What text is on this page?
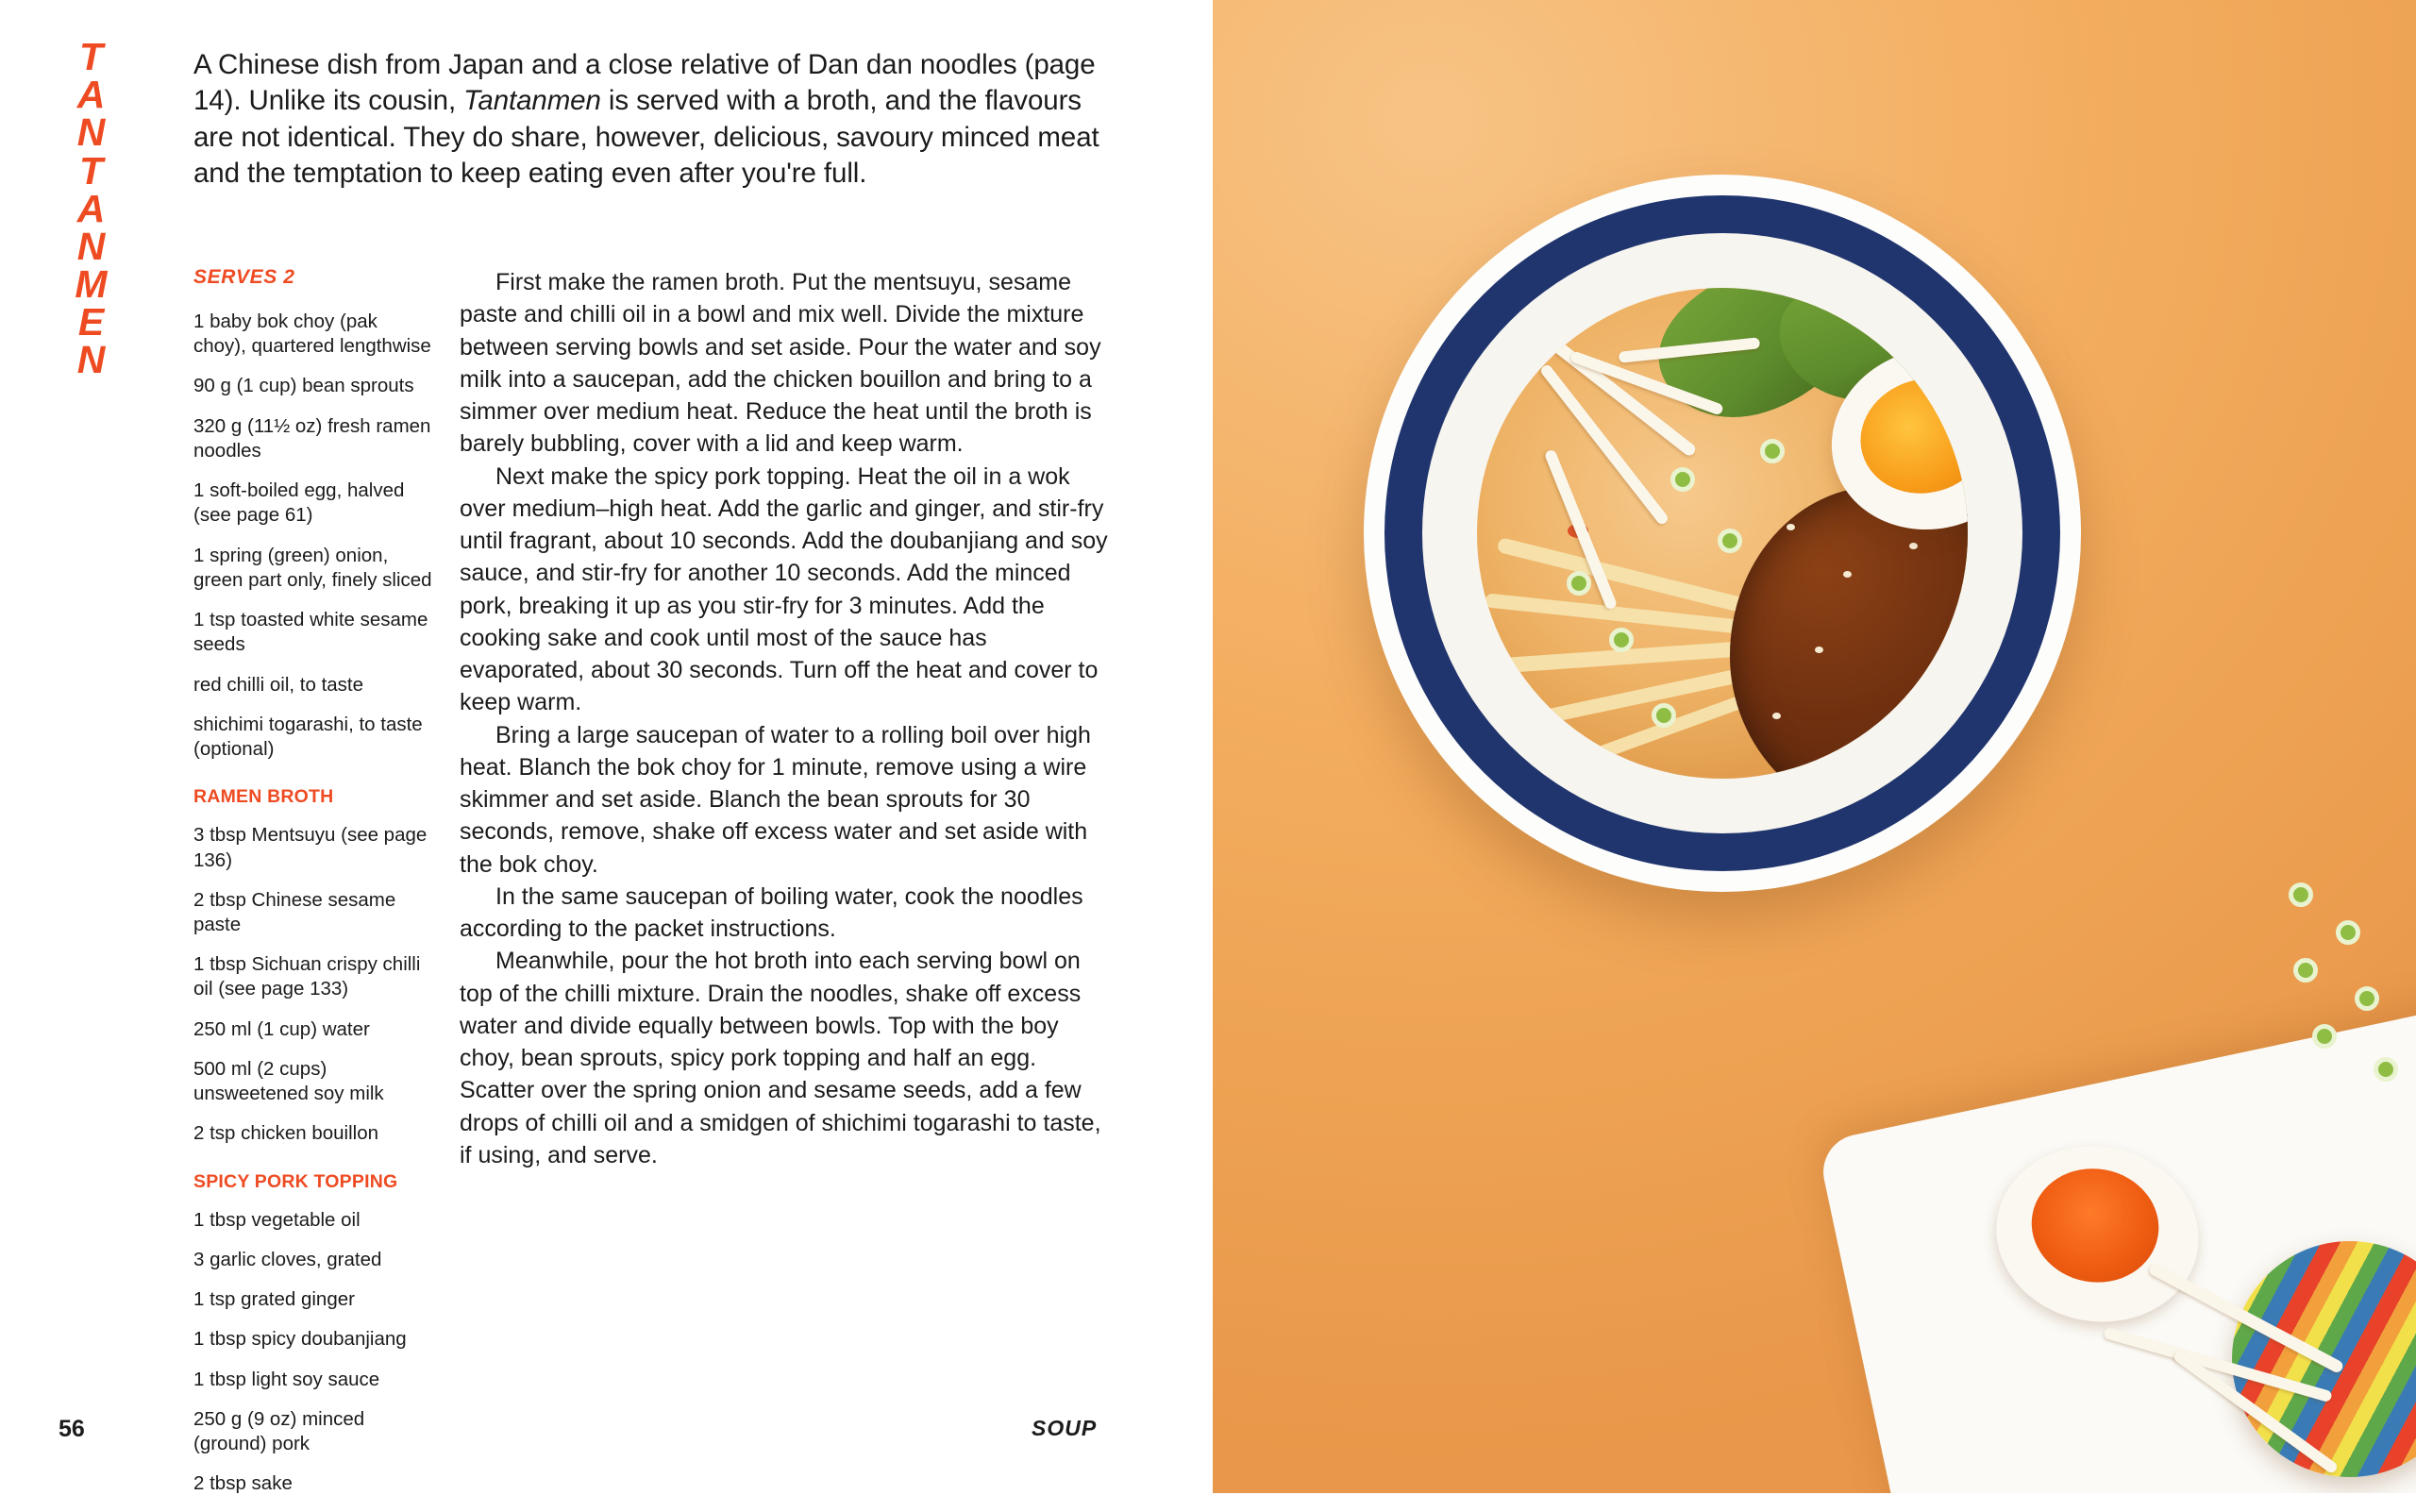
T
A
N
T
A
N
M
E
N
A Chinese dish from Japan and a close relative of Dan dan noodles (page 14). Unlike its cousin, Tantanmen is served with a broth, and the flavours are not identical. They do share, however, delicious, savoury minced meat and the temptation to keep eating even after you're full.
SERVES 2
1 baby bok choy (pak choy), quartered lengthwise
90 g (1 cup) bean sprouts
320 g (11½ oz) fresh ramen noodles
1 soft-boiled egg, halved (see page 61)
1 spring (green) onion, green part only, finely sliced
1 tsp toasted white sesame seeds
red chilli oil, to taste
shichimi togarashi, to taste (optional)
RAMEN BROTH
3 tbsp Mentsuyu (see page 136)
2 tbsp Chinese sesame paste
1 tbsp Sichuan crispy chilli oil (see page 133)
250 ml (1 cup) water
500 ml (2 cups) unsweetened soy milk
2 tsp chicken bouillon
SPICY PORK TOPPING
1 tbsp vegetable oil
3 garlic cloves, grated
1 tsp grated ginger
1 tbsp spicy doubanjiang
1 tbsp light soy sauce
250 g (9 oz) minced (ground) pork
2 tbsp sake

First make the ramen broth. Put the mentsuyu, sesame paste and chilli oil in a bowl and mix well. Divide the mixture between serving bowls and set aside. Pour the water and soy milk into a saucepan, add the chicken bouillon and bring to a simmer over medium heat. Reduce the heat until the broth is barely bubbling, cover with a lid and keep warm.

Next make the spicy pork topping. Heat the oil in a wok over medium–high heat. Add the garlic and ginger, and stir-fry until fragrant, about 10 seconds. Add the doubanjiang and soy sauce, and stir-fry for another 10 seconds. Add the minced pork, breaking it up as you stir-fry for 3 minutes. Add the cooking sake and cook until most of the sauce has evaporated, about 30 seconds. Turn off the heat and cover to keep warm.

Bring a large saucepan of water to a rolling boil over high heat. Blanch the bok choy for 1 minute, remove using a wire skimmer and set aside. Blanch the bean sprouts for 30 seconds, remove, shake off excess water and set aside with the bok choy.

In the same saucepan of boiling water, cook the noodles according to the packet instructions.

Meanwhile, pour the hot broth into each serving bowl on top of the chilli mixture. Drain the noodles, shake off excess water and divide equally between bowls. Top with the boy choy, bean sprouts, spicy pork topping and half an egg. Scatter over the spring onion and sesame seeds, add a few drops of chilli oil and a smidgen of shichimi togarashi to taste, if using, and serve.

56	SOUP
